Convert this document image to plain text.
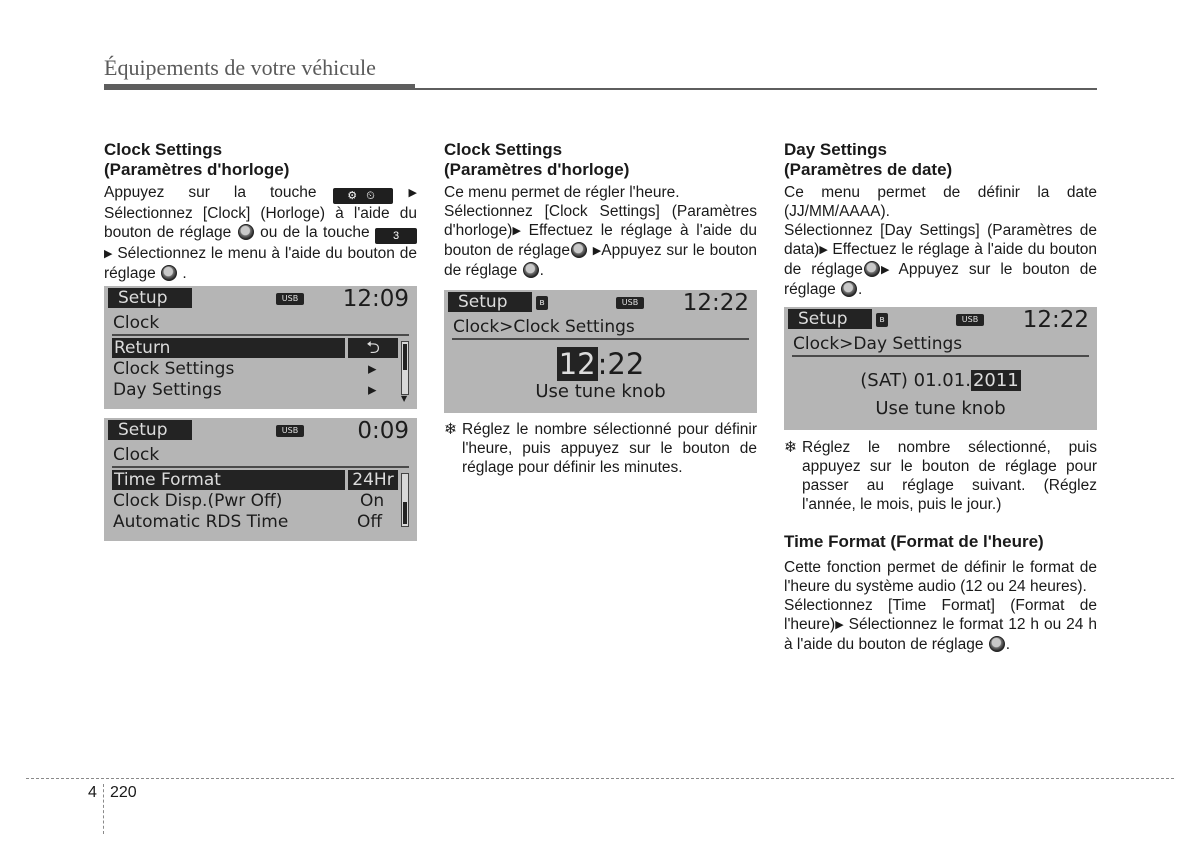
Équipements de votre véhicule
Clock Settings
(Paramètres d'horloge)

Appuyez sur la touche	⚙ ⏲	▶ Sélectionnez [Clock] (Horloge) à l'aide du bouton de réglage ou de la touche 3 ▶ Sélectionnez le menu à l'aide du bouton de réglage .

Setup	USB 12:09
Clock
Return	⮌
Clock Settings	▸
Day Settings	▸	▼
Setup	USB	0:09
Clock
Time Format	24Hr
Clock Disp.(Pwr Off)	On
Automatic RDS Time	Off
Clock Settings
(Paramètres d'horloge)

Ce menu permet de régler l'heure.

Sélectionnez [Clock Settings] (Paramètres d'horloge)▶ Effectuez le réglage à l'aide du bouton de réglage ▶Appuyez sur le bouton de réglage .

Setup	ʙ	USB 12:22
Clock>Clock Settings
12:22
Use tune knob
❄ Réglez le nombre sélectionné pour définir l'heure, puis appuyez sur le bouton de réglage pour définir les minutes.
Day Settings
(Paramètres de date)

Ce menu permet de définir la date (JJ/MM/AAAA).

Sélectionnez [Day Settings] (Paramètres de data)▶ Effectuez le réglage à l'aide du bouton de réglage ▶ Appuyez sur le bouton de réglage .

Setup	ʙ	USB 12:22
Clock>Day Settings
(SAT) 01.01. 2011
Use tune knob
❄ Réglez le nombre sélectionné, puis appuyez sur le bouton de réglage pour passer au réglage suivant. (Réglez l'année, le mois, puis le jour.)
Time Format (Format de l'heure)

Cette fonction permet de définir le format de l'heure du système audio (12 ou 24 heures).

Sélectionnez [Time Format] (Format de l'heure)▶ Sélectionnez le format 12 h ou 24 h à l'aide du bouton de réglage .

4 220
